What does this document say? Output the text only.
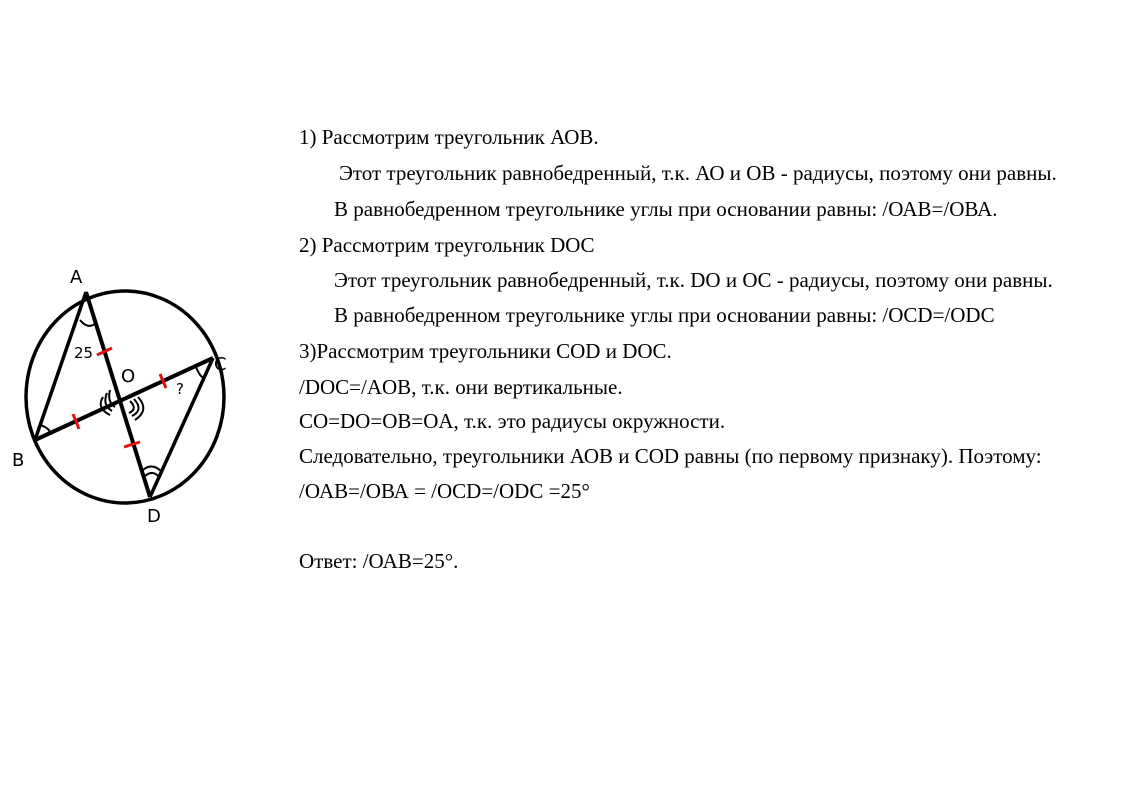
A
B
C
D
O
25
?
1) Рассмотрим треугольник АОВ.
Этот треугольник равнобедренный, т.к. АО и ОВ - радиусы, поэтому они равны.
В равнобедренном треугольнике углы при основании равны: /ОАВ=/ОВА.
2) Рассмотрим треугольник DOC
Этот треугольник равнобедренный, т.к. DO и OC - радиусы, поэтому они равны.
В равнобедренном треугольнике углы при основании равны: /OCD=/ODC
3)Рассмотрим треугольники COD и DOC.
/DOC=/AOB, т.к. они вертикальные.
CO=DO=OB=OA, т.к. это радиусы окружности.
Следовательно, треугольники АОВ и COD равны (по первому признаку). Поэтому:
/ОАВ=/ОВА = /OCD=/ODC =25°
Ответ: /ОАВ=25°.
